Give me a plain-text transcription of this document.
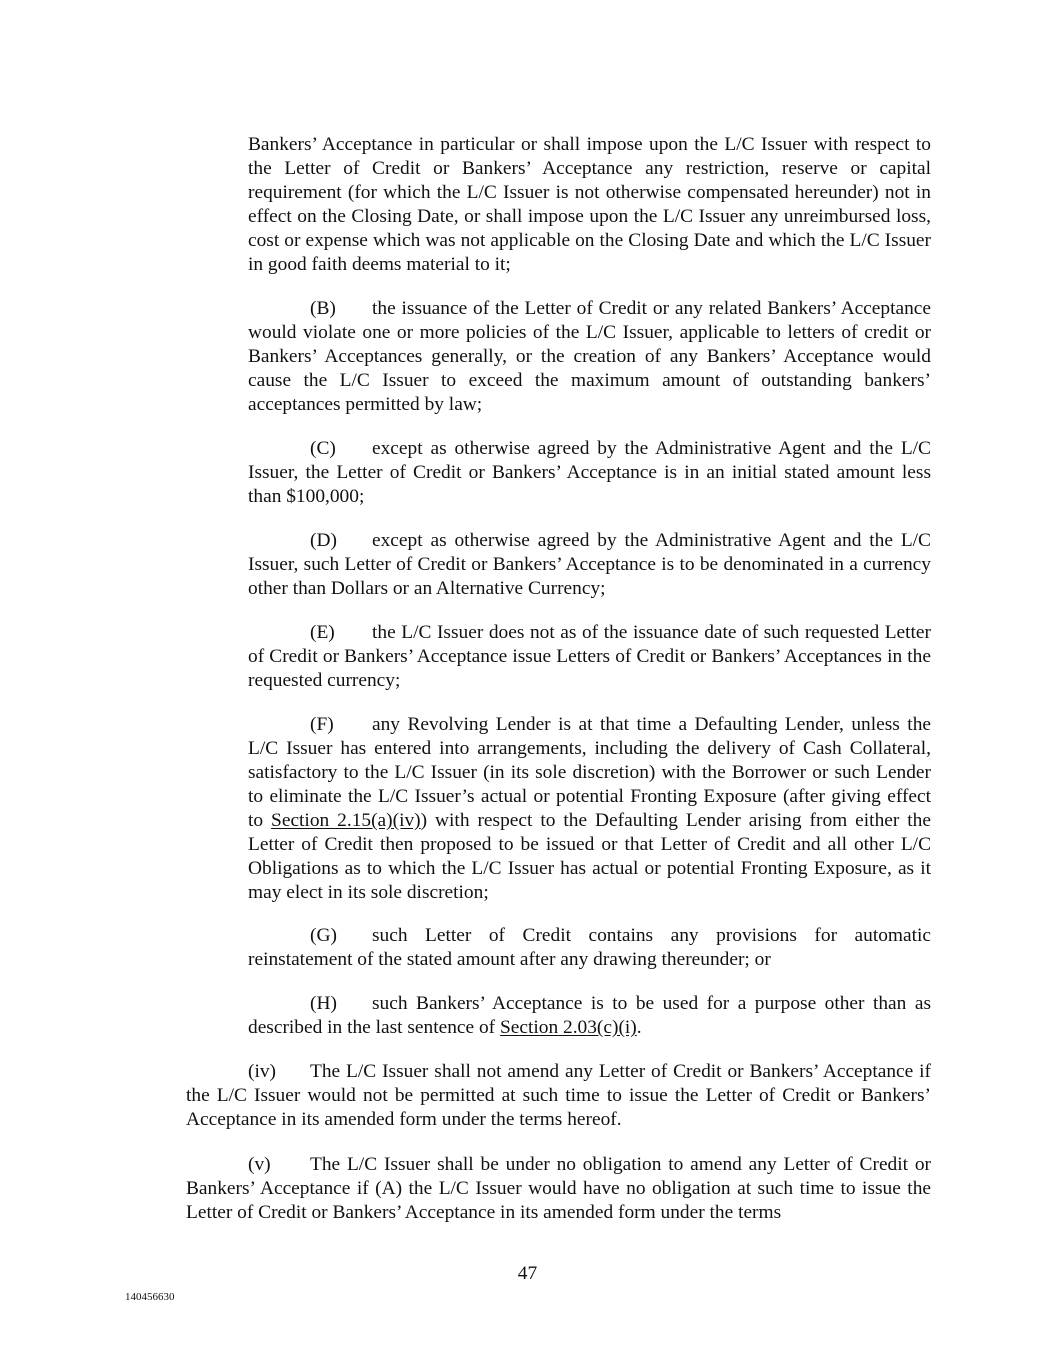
Bankers’ Acceptance in particular or shall impose upon the L/C Issuer with respect to the Letter of Credit or Bankers’ Acceptance any restriction, reserve or capital requirement (for which the L/C Issuer is not otherwise compensated hereunder) not in effect on the Closing Date, or shall impose upon the L/C Issuer any unreimbursed loss, cost or expense which was not applicable on the Closing Date and which the L/C Issuer in good faith deems material to it;

(B) the issuance of the Letter of Credit or any related Bankers’ Acceptance would violate one or more policies of the L/C Issuer, applicable to letters of credit or Bankers’ Acceptances generally, or the creation of any Bankers’ Acceptance would cause the L/C Issuer to exceed the maximum amount of outstanding bankers’ acceptances permitted by law;

(C) except as otherwise agreed by the Administrative Agent and the L/C Issuer, the Letter of Credit or Bankers’ Acceptance is in an initial stated amount less than $100,000;

(D) except as otherwise agreed by the Administrative Agent and the L/C Issuer, such Letter of Credit or Bankers’ Acceptance is to be denominated in a currency other than Dollars or an Alternative Currency;

(E) the L/C Issuer does not as of the issuance date of such requested Letter of Credit or Bankers’ Acceptance issue Letters of Credit or Bankers’ Acceptances in the requested currency;

(F) any Revolving Lender is at that time a Defaulting Lender, unless the L/C Issuer has entered into arrangements, including the delivery of Cash Collateral, satisfactory to the L/C Issuer (in its sole discretion) with the Borrower or such Lender to eliminate the L/C Issuer’s actual or potential Fronting Exposure (after giving effect to Section 2.15(a)(iv)) with respect to the Defaulting Lender arising from either the Letter of Credit then proposed to be issued or that Letter of Credit and all other L/C Obligations as to which the L/C Issuer has actual or potential Fronting Exposure, as it may elect in its sole discretion;

(G) such Letter of Credit contains any provisions for automatic reinstatement of the stated amount after any drawing thereunder; or

(H) such Bankers’ Acceptance is to be used for a purpose other than as described in the last sentence of Section 2.03(c)(i).

(iv) The L/C Issuer shall not amend any Letter of Credit or Bankers’ Acceptance if the L/C Issuer would not be permitted at such time to issue the Letter of Credit or Bankers’ Acceptance in its amended form under the terms hereof.

(v) The L/C Issuer shall be under no obligation to amend any Letter of Credit or Bankers’ Acceptance if (A) the L/C Issuer would have no obligation at such time to issue the Letter of Credit or Bankers’ Acceptance in its amended form under the terms

47
140456630
